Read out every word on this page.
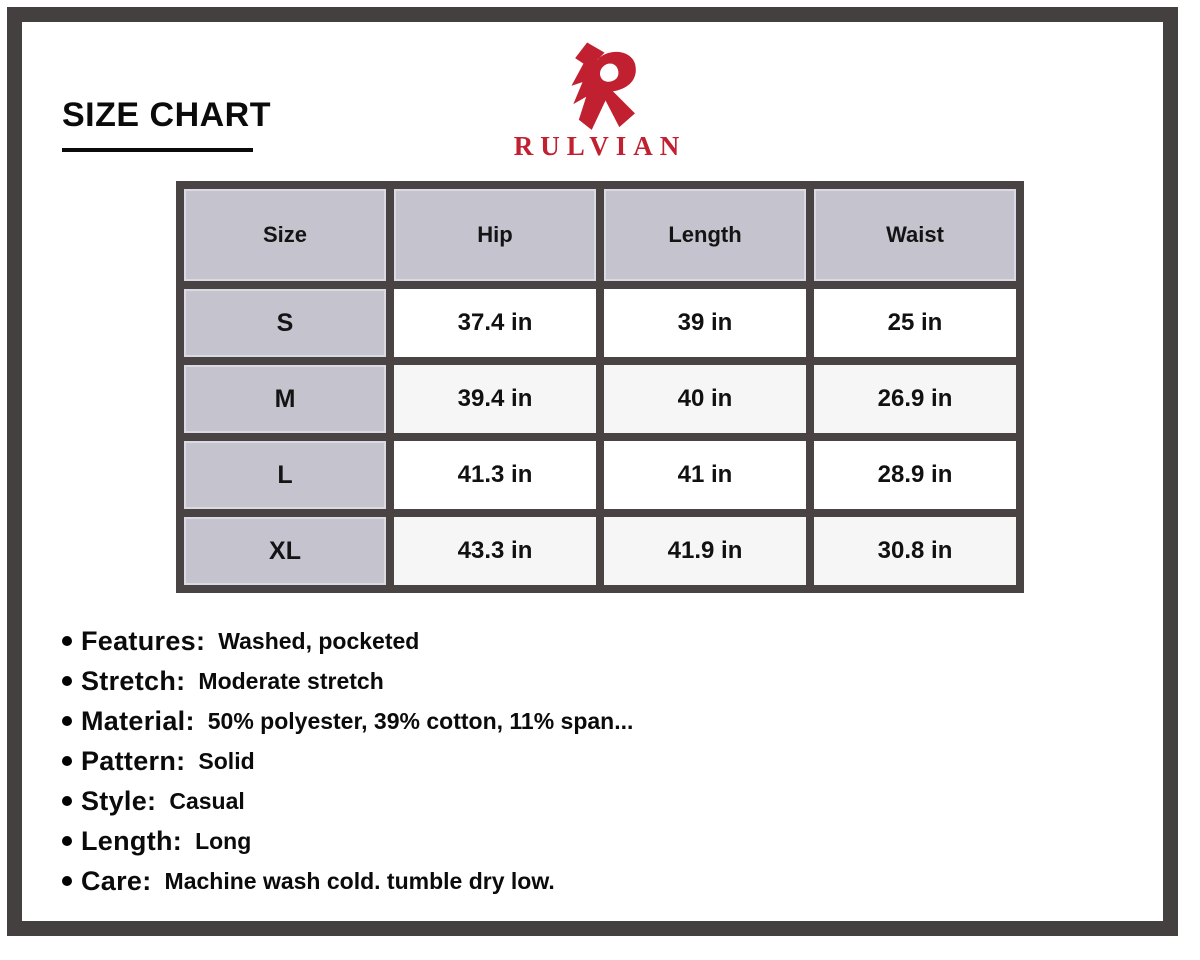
SIZE CHART
RULVIAN
Size	Hip	Length	Waist
S	37.4 in	39 in	25 in
M	39.4 in	40 in	26.9 in
L	41.3 in	41 in	28.9 in
XL	43.3 in	41.9 in	30.8 in
Features: Washed, pocketed
Stretch: Moderate stretch
Material: 50% polyester, 39% cotton, 11% span...
Pattern: Solid
Style: Casual
Length: Long
Care: Machine wash cold. tumble dry low.
